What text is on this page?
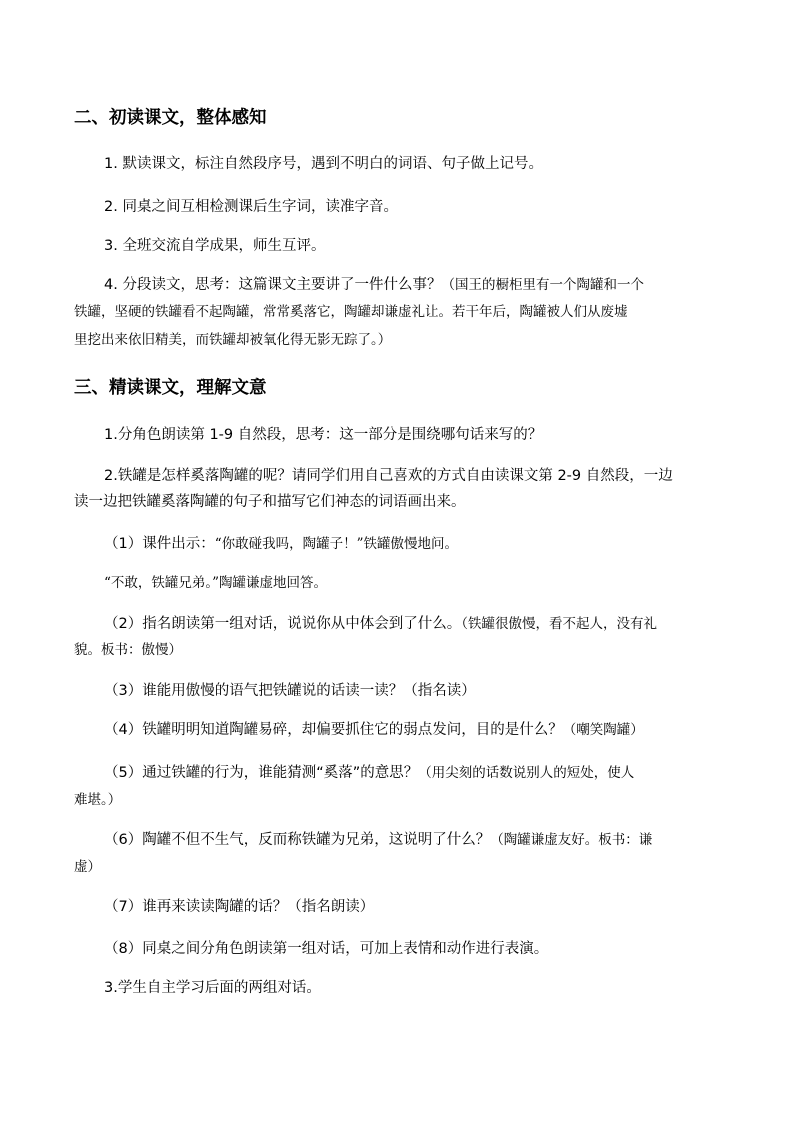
二、初读课文，整体感知
1. 默读课文，标注自然段序号，遇到不明白的词语、句子做上记号。
2. 同桌之间互相检测课后生字词，读准字音。
3. 全班交流自学成果，师生互评。
4. 分段读文，思考：这篇课文主要讲了一件什么事？（国王的橱柜里有一个陶罐和一个
铁罐，坚硬的铁罐看不起陶罐，常常奚落它，陶罐却谦虚礼让。若干年后，陶罐被人们从废墟
里挖出来依旧精美，而铁罐却被氧化得无影无踪了。）
三、精读课文，理解文意
1.分角色朗读第 1-9 自然段，思考：这一部分是围绕哪句话来写的？
2.铁罐是怎样奚落陶罐的呢？请同学们用自己喜欢的方式自由读课文第 2-9 自然段，一边
读一边把铁罐奚落陶罐的句子和描写它们神态的词语画出来。
（1）课件出示：“你敢碰我吗，陶罐子！”铁罐傲慢地问。
“不敢，铁罐兄弟。”陶罐谦虚地回答。
（2）指名朗读第一组对话，说说你从中体会到了什么。（铁罐很傲慢，看不起人，没有礼
貌。板书：傲慢）
（3）谁能用傲慢的语气把铁罐说的话读一读？（指名读）
（4）铁罐明明知道陶罐易碎，却偏要抓住它的弱点发问，目的是什么？（嘲笑陶罐）
（5）通过铁罐的行为，谁能猜测“奚落”的意思？（用尖刻的话数说别人的短处，使人
难堪。）
（6）陶罐不但不生气，反而称铁罐为兄弟，这说明了什么？（陶罐谦虚友好。板书：谦
虚）
（7）谁再来读读陶罐的话？（指名朗读）
（8）同桌之间分角色朗读第一组对话，可加上表情和动作进行表演。
3.学生自主学习后面的两组对话。
